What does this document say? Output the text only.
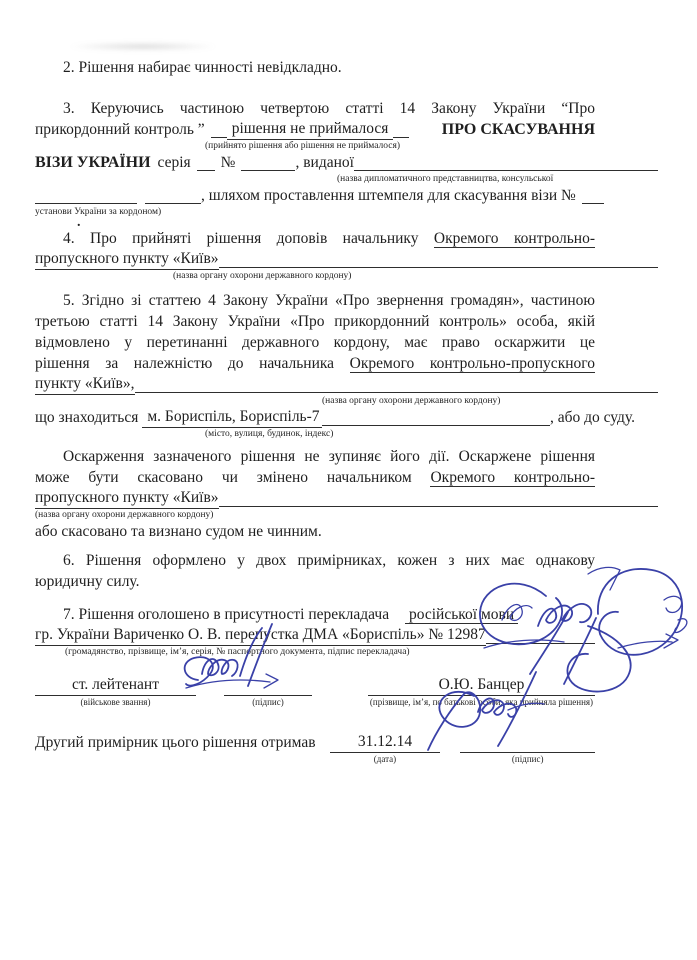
2. Рішення набирає чинності невідкладно.
3. Керуючись частиною четвертою статті 14 Закону України “Про
прикордонний контроль ”	рішення не приймалося	ПРО СКАСУВАННЯ
(прийнято рішення або рішення не приймалося)
ВІЗИ УКРАЇНИ серія №	, виданої
(назва дипломатичного представництва, консульської
, шляхом проставлення штемпеля для скасування візи №
установи України за кордоном)
.
4. Про прийняті рішення доповів начальнику Окремого контрольно-
пропускного пункту «Київ»
(назва органу охорони державного кордону)
5. Згідно зі статтею 4 Закону України «Про звернення громадян», частиною
третьою статті 14 Закону України «Про прикордонний контроль» особа, якій
відмовлено у перетинанні державного кордону, має право оскаржити це
рішення за належністю до начальника Окремого контрольно-пропускного
пункту «Київ»,
(назва органу охорони державного кордону)
що знаходиться м. Бориспіль, Бориспіль-7	, або до суду.
(місто, вулиця, будинок, індекс)
Оскарження зазначеного рішення не зупиняє його дії. Оскаржене рішення
може бути скасовано чи змінено начальником Окремого контрольно-
пропускного пункту «Київ»
(назва органу охорони державного кордону)
або скасовано та визнано судом не чинним.
6. Рішення оформлено у двох примірниках, кожен з них має однакову
юридичну силу.
7. Рішення оголошено в присутності перекладача російської мови
гр. України Вариченко О. В. перепустка ДМА «Бориспіль» № 12987
(громадянство, прізвище, ім’я, серія, № паспортного документа, підпис перекладача)
ст. лейтенант
(військове звання)	(підпис)
О.Ю. Банцер
(прізвище, ім’я, по батькові особи, яка прийняла рішення)
Другий примірник цього рішення отримав	31.12.14
(дата)	(підпис)
